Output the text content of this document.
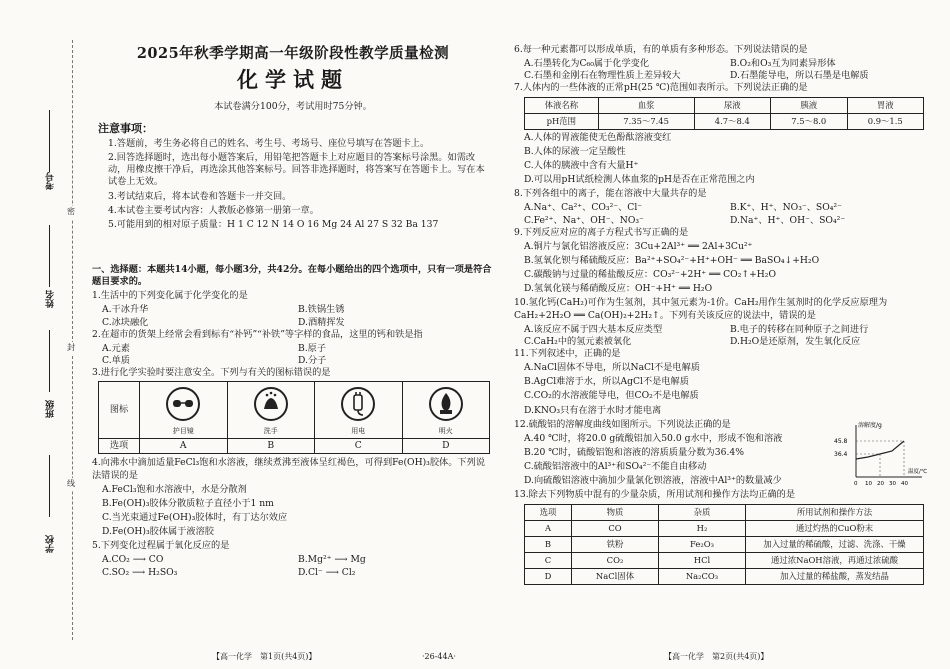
考号
姓名
班级
学校
密
封
线
2025年秋季学期高一年级阶段性教学质量检测
化学试题
本试卷满分100分，考试用时75分钟。
注意事项：

1.答题前，考生务必将自己的姓名、考生号、考场号、座位号填写在答题卡上。

2.回答选择题时，选出每小题答案后，用铅笔把答题卡上对应题目的答案标号涂黑。如需改动，用橡皮擦干净后，再选涂其他答案标号。回答非选择题时，将答案写在答题卡上。写在本试卷上无效。

3.考试结束后，将本试卷和答题卡一并交回。

4.本试卷主要考试内容：人教版必修第一册第一章。

5.可能用到的相对原子质量：H 1 C 12 N 14 O 16 Mg 24 Al 27 S 32 Ba 137

一、选择题：本题共14小题，每小题3分，共42分。在每小题给出的四个选项中，只有一项是符合题目要求的。

1.生活中的下列变化属于化学变化的是

A.干冰升华	B.铁锅生锈
C.冰块融化	D.酒精挥发

2.在超市的货架上经常会看到标有“补钙”“补铁”等字样的食品，这里的钙和铁是指

A.元素	B.原子
C.单质	D.分子

3.进行化学实验时要注意安全。下列与有关的图标错误的是

图标	护目镜	洗手	用电	明火

选项	A	B	C	D

4.向沸水中滴加适量FeCl₃饱和水溶液，继续煮沸至液体呈红褐色，可得到Fe(OH)₃胶体。下列说法错误的是

A.FeCl₃饱和水溶液中，水是分散剂

B.Fe(OH)₃胶体分散质粒子直径小于1 nm

C.当光束通过Fe(OH)₃胶体时，有丁达尔效应

D.Fe(OH)₃胶体属于液溶胶

5.下列变化过程属于氧化反应的是

A.CO₂ ⟶ CO	B.Mg²⁺ ⟶ Mg
C.SO₂ ⟶ H₂SO₃	D.Cl⁻ ⟶ Cl₂
【高一化学　第1页(共4页)】	·26-44A·

6.每一种元素都可以形成单质，有的单质有多种形态。下列说法错误的是

A.石墨转化为C₆₀属于化学变化	B.O₂和O₃互为同素异形体
C.石墨和金刚石在物理性质上差异较大	D.石墨能导电，所以石墨是电解质

7.人体内的一些体液的正常pH(25 ℃)范围如表所示。下列说法正确的是

体液名称	血浆	尿液	胰液	胃液
pH范围	7.35～7.45	4.7～8.4	7.5～8.0	0.9～1.5

A.人体的胃液能使无色酚酞溶液变红

B.人体的尿液一定呈酸性

C.人体的胰液中含有大量H⁺

D.可以用pH试纸检测人体血浆的pH是否在正常范围之内

8.下列各组中的离子，能在溶液中大量共存的是

A.Na⁺、Ca²⁺、CO₃²⁻、Cl⁻	B.K⁺、H⁺、NO₃⁻、SO₄²⁻
C.Fe²⁺、Na⁺、OH⁻、NO₃⁻	D.Na⁺、H⁺、OH⁻、SO₄²⁻

9.下列反应对应的离子方程式书写正确的是

A.铜片与氯化铝溶液反应：3Cu+2Al³⁺ ══ 2Al+3Cu²⁺

B.氢氧化钡与稀硫酸反应：Ba²⁺+SO₄²⁻+H⁺+OH⁻ ══ BaSO₄↓+H₂O

C.碳酸钠与过量的稀盐酸反应：CO₃²⁻+2H⁺ ══ CO₂↑+H₂O

D.氢氧化镁与稀硝酸反应：OH⁻+H⁺ ══ H₂O

10.氢化钙(CaH₂)可作为生氢剂，其中氢元素为-1价。CaH₂用作生氢剂时的化学反应原理为CaH₂+2H₂O ══ Ca(OH)₂+2H₂↑。下列有关该反应的说法中，错误的是

A.该反应不属于四大基本反应类型	B.电子的转移在同种原子之间进行
C.CaH₂中的氢元素被氧化	D.H₂O是还原剂，发生氧化反应

11.下列叙述中，正确的是

A.NaCl固体不导电，所以NaCl不是电解质

B.AgCl难溶于水，所以AgCl不是电解质

C.CO₂的水溶液能导电，但CO₂不是电解质

D.KNO₃只有在溶于水时才能电离

12.硫酸铝的溶解度曲线如图所示。下列说法正确的是

A.40 ℃时，将20.0 g硫酸铝加入50.0 g水中，形成不饱和溶液

B.20 ℃时，硫酸铝饱和溶液的溶质质量分数为36.4%

C.硫酸铝溶液中的Al³⁺和SO₄²⁻不能自由移动

D.向硫酸铝溶液中滴加少量氯化钡溶液，溶液中Al³⁺的数量减少

溶解度/g
45.8
36.4
0 10 20 30 40
温度/℃

13.除去下列物质中混有的少量杂质，所用试剂和操作方法均正确的是

选项	物质	杂质	所用试剂和操作方法
A	CO	H₂	通过灼热的CuO粉末
B	铁粉	Fe₂O₃	加入过量的稀硫酸，过滤、洗涤、干燥
C	CO₂	HCl	通过浓NaOH溶液，再通过浓硫酸
D	NaCl固体	Na₂CO₃	加入过量的稀盐酸，蒸发结晶
【高一化学　第2页(共4页)】
